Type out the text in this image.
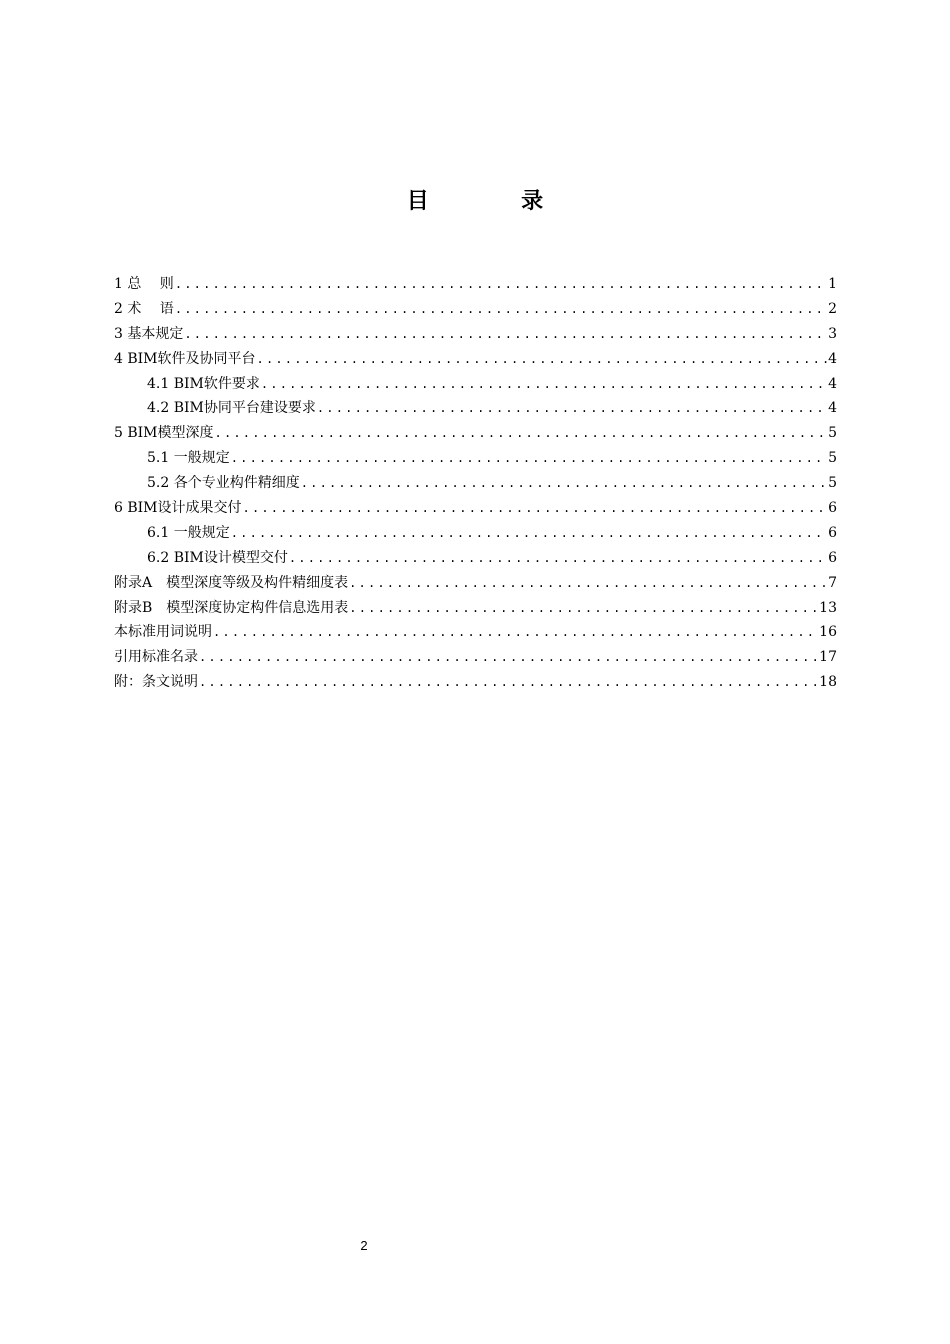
目　录
1 总　 则 .....	1
2 术　 语 .....	2
3 基本规定 .....	3
4 BIM软件及协同平台 .....	4
4.1 BIM软件要求 .....	4
4.2 BIM协同平台建设要求 .....	4
5 BIM模型深度 .....	5
5.1 一般规定 .....	5
5.2 各个专业构件精细度 .....	5
6 BIM设计成果交付 .....	6
6.1 一般规定 .....	6
6.2 BIM设计模型交付 .....	6
附录A　模型深度等级及构件精细度表 .....	7
附录B　模型深度协定构件信息选用表 .....	13
本标准用词说明 .....	16
引用标准名录 .....	17
附：条文说明 .....	18
2
